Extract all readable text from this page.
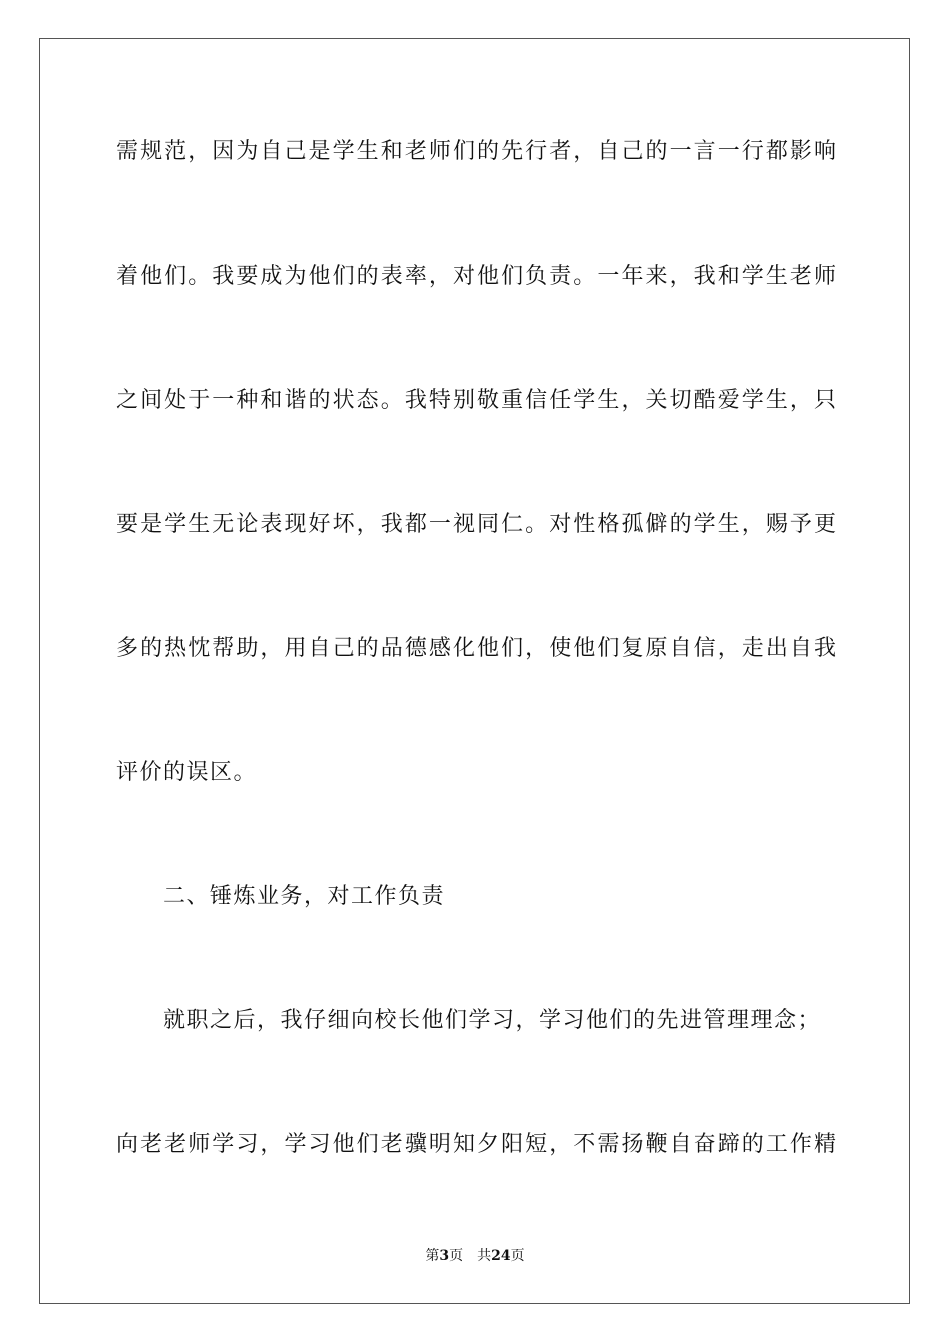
需规范，因为自己是学生和老师们的先行者，自己的一言一行都影响
着他们。我要成为他们的表率，对他们负责。一年来，我和学生老师
之间处于一种和谐的状态。我特别敬重信任学生，关切酷爱学生，只
要是学生无论表现好坏，我都一视同仁。对性格孤僻的学生，赐予更
多的热忱帮助，用自己的品德感化他们，使他们复原自信，走出自我
评价的误区。
二、锤炼业务，对工作负责
就职之后，我仔细向校长他们学习，学习他们的先进管理理念；
向老老师学习，学习他们老骥明知夕阳短，不需扬鞭自奋蹄的工作精
第3页 共24页
